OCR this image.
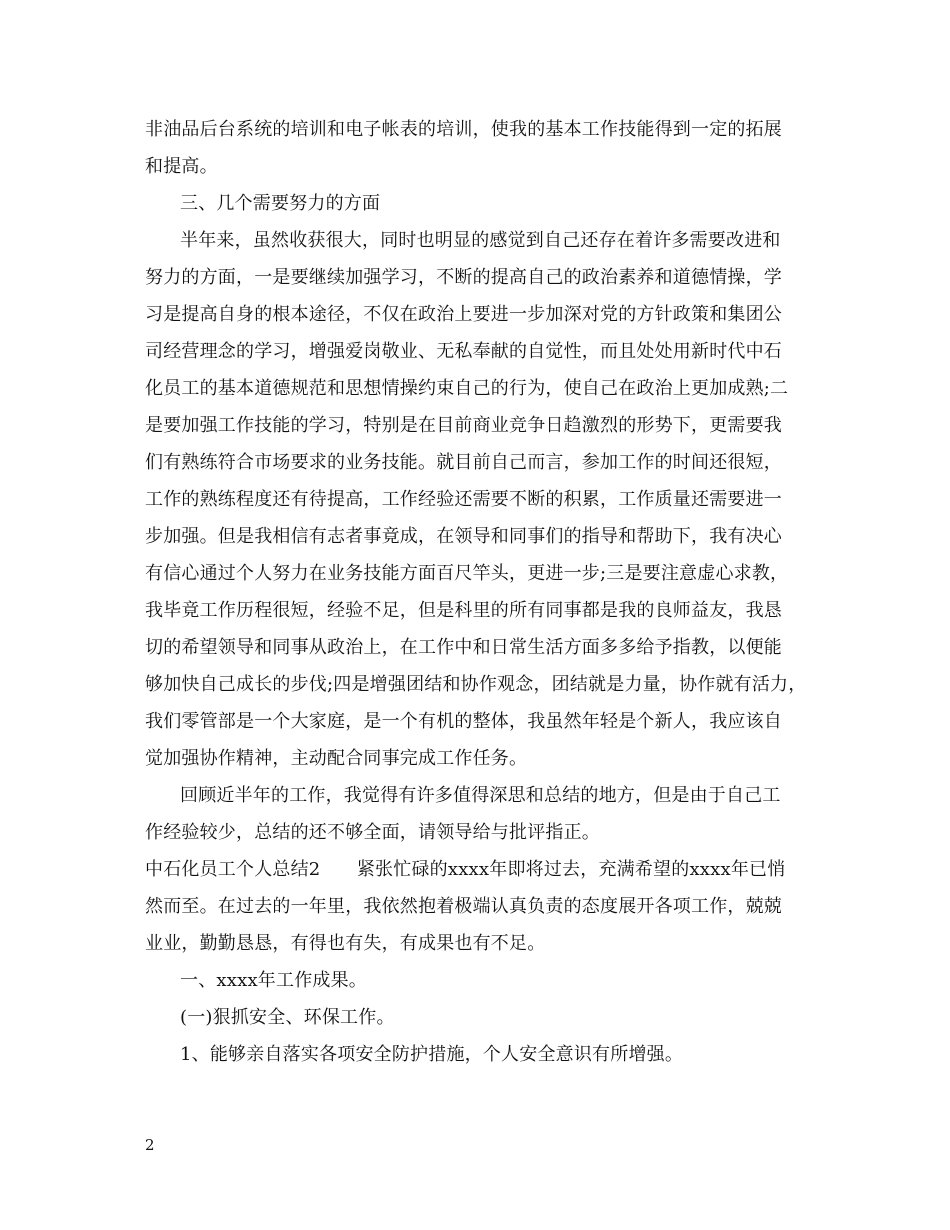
非油品后台系统的培训和电子帐表的培训，使我的基本工作技能得到一定的拓展
和提高。
三、几个需要努力的方面
半年来，虽然收获很大，同时也明显的感觉到自己还存在着许多需要改进和
努力的方面，一是要继续加强学习，不断的提高自己的政治素养和道德情操，学
习是提高自身的根本途径，不仅在政治上要进一步加深对党的方针政策和集团公
司经营理念的学习，增强爱岗敬业、无私奉献的自觉性，而且处处用新时代中石
化员工的基本道德规范和思想情操约束自己的行为，使自己在政治上更加成熟;二
是要加强工作技能的学习，特别是在目前商业竞争日趋激烈的形势下，更需要我
们有熟练符合市场要求的业务技能。就目前自己而言，参加工作的时间还很短，
工作的熟练程度还有待提高，工作经验还需要不断的积累，工作质量还需要进一
步加强。但是我相信有志者事竟成，在领导和同事们的指导和帮助下，我有决心
有信心通过个人努力在业务技能方面百尺竿头，更进一步;三是要注意虚心求教，
我毕竟工作历程很短，经验不足，但是科里的所有同事都是我的良师益友，我恳
切的希望领导和同事从政治上，在工作中和日常生活方面多多给予指教，以便能
够加快自己成长的步伐;四是增强团结和协作观念，团结就是力量，协作就有活力，
我们零管部是一个大家庭，是一个有机的整体，我虽然年轻是个新人，我应该自
觉加强协作精神，主动配合同事完成工作任务。
回顾近半年的工作，我觉得有许多值得深思和总结的地方，但是由于自己工
作经验较少，总结的还不够全面，请领导给与批评指正。
中石化员工个人总结2　　紧张忙碌的xxxx年即将过去，充满希望的xxxx年已悄
然而至。在过去的一年里，我依然抱着极端认真负责的态度展开各项工作，兢兢
业业，勤勤恳恳，有得也有失，有成果也有不足。
一、xxxx年工作成果。
(一)狠抓安全、环保工作。
1、能够亲自落实各项安全防护措施，个人安全意识有所增强。
2
